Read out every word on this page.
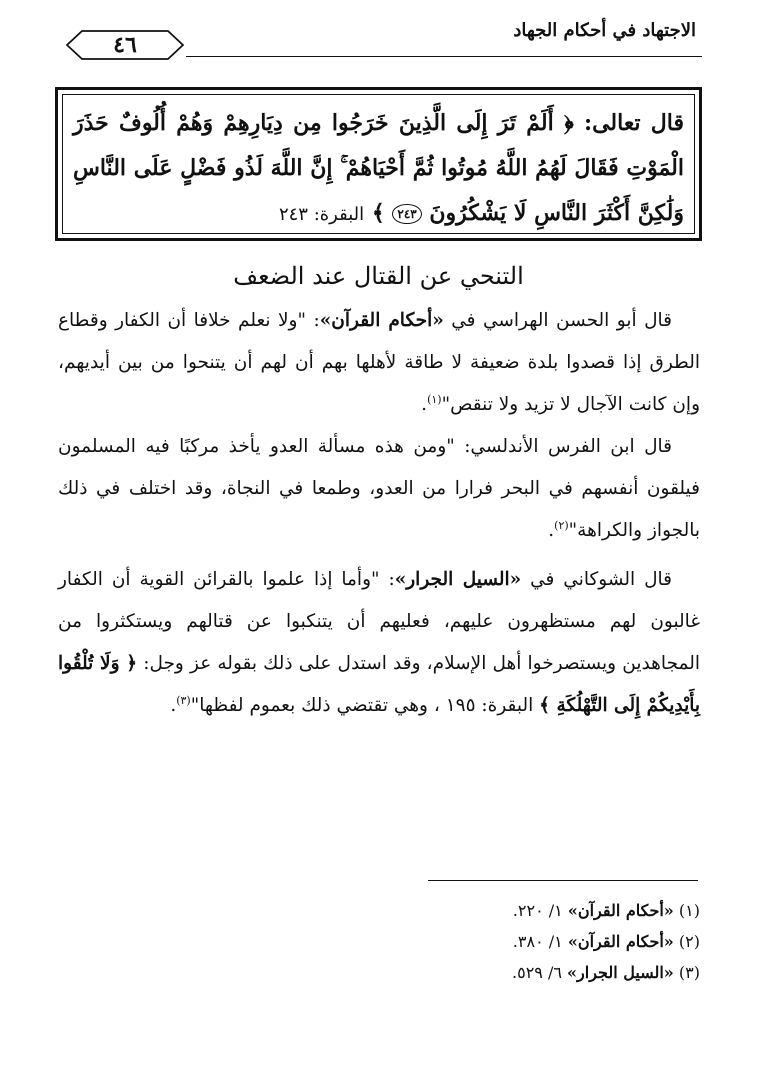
٤٦
الاجتهاد في أحكام الجهاد
قال تعالى: ﴿ أَلَمْ تَرَ إِلَى الَّذِينَ خَرَجُوا مِن دِيَارِهِمْ وَهُمْ أُلُوفٌ حَذَرَ الْمَوْتِ فَقَالَ لَهُمُ اللَّهُ مُوتُوا ثُمَّ أَحْيَاهُمْ ۚ إِنَّ اللَّهَ لَذُو فَضْلٍ عَلَى النَّاسِ وَلَٰكِنَّ أَكْثَرَ النَّاسِ لَا يَشْكُرُونَ ٢٤٣ ﴾ البقرة: ٢٤٣
التنحي عن القتال عند الضعف
قال أبو الحسن الهراسي في «أحكام القرآن»: "ولا نعلم خلافا أن الكفار وقطاع الطرق إذا قصدوا بلدة ضعيفة لا طاقة لأهلها بهم أن لهم أن يتنحوا من بين أيديهم، وإن كانت الآجال لا تزيد ولا تنقص"$^{(١)}$.
قال ابن الفرس الأندلسي: "ومن هذه مسألة العدو يأخذ مركبًا فيه المسلمون فيلقون أنفسهم في البحر فرارا من العدو، وطمعا في النجاة، وقد اختلف في ذلك بالجواز والكراهة"$^{(٢)}$.
قال الشوكاني في «السيل الجرار»: "وأما إذا علموا بالقرائن القوية أن الكفار غالبون لهم مستظهرون عليهم، فعليهم أن يتنكبوا عن قتالهم ويستكثروا من المجاهدين ويستصرخوا أهل الإسلام، وقد استدل على ذلك بقوله عز وجل: ﴿ وَلَا تُلْقُوا بِأَيْدِيكُمْ إِلَى التَّهْلُكَةِ ﴾ البقرة: ١٩٥ ، وهي تقتضي ذلك بعموم لفظها"$^{(٣)}$.
(١) «أحكام القرآن» ١/ ٢٢٠.
(٢) «أحكام القرآن» ١/ ٣٨٠.
(٣) «السيل الجرار» ٦/ ٥٢٩.
